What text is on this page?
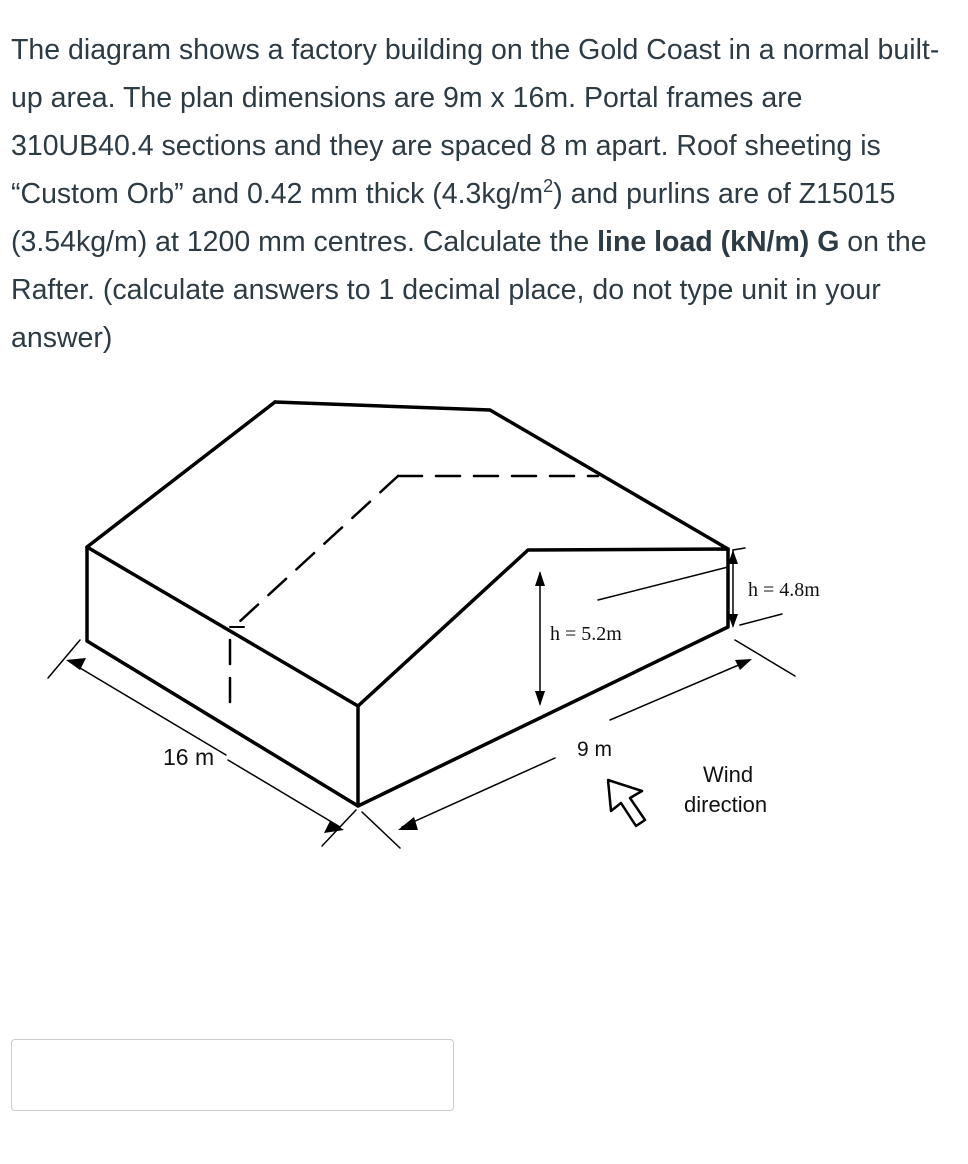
The diagram shows a factory building on the Gold Coast in a normal built-up area. The plan dimensions are 9m x 16m. Portal frames are 310UB40.4 sections and they are spaced 8 m apart. Roof sheeting is “Custom Orb” and 0.42 mm thick $(4.3kg/m^2)$ and purlins are of Z15015 (3.54kg/m) at 1200 mm centres. Calculate the line load (kN/m) G on the Rafter. (calculate answers to 1 decimal place, do not type unit in your answer)

16 m	9 m
h = 5.2m
h = 4.8m
Wind
direction
